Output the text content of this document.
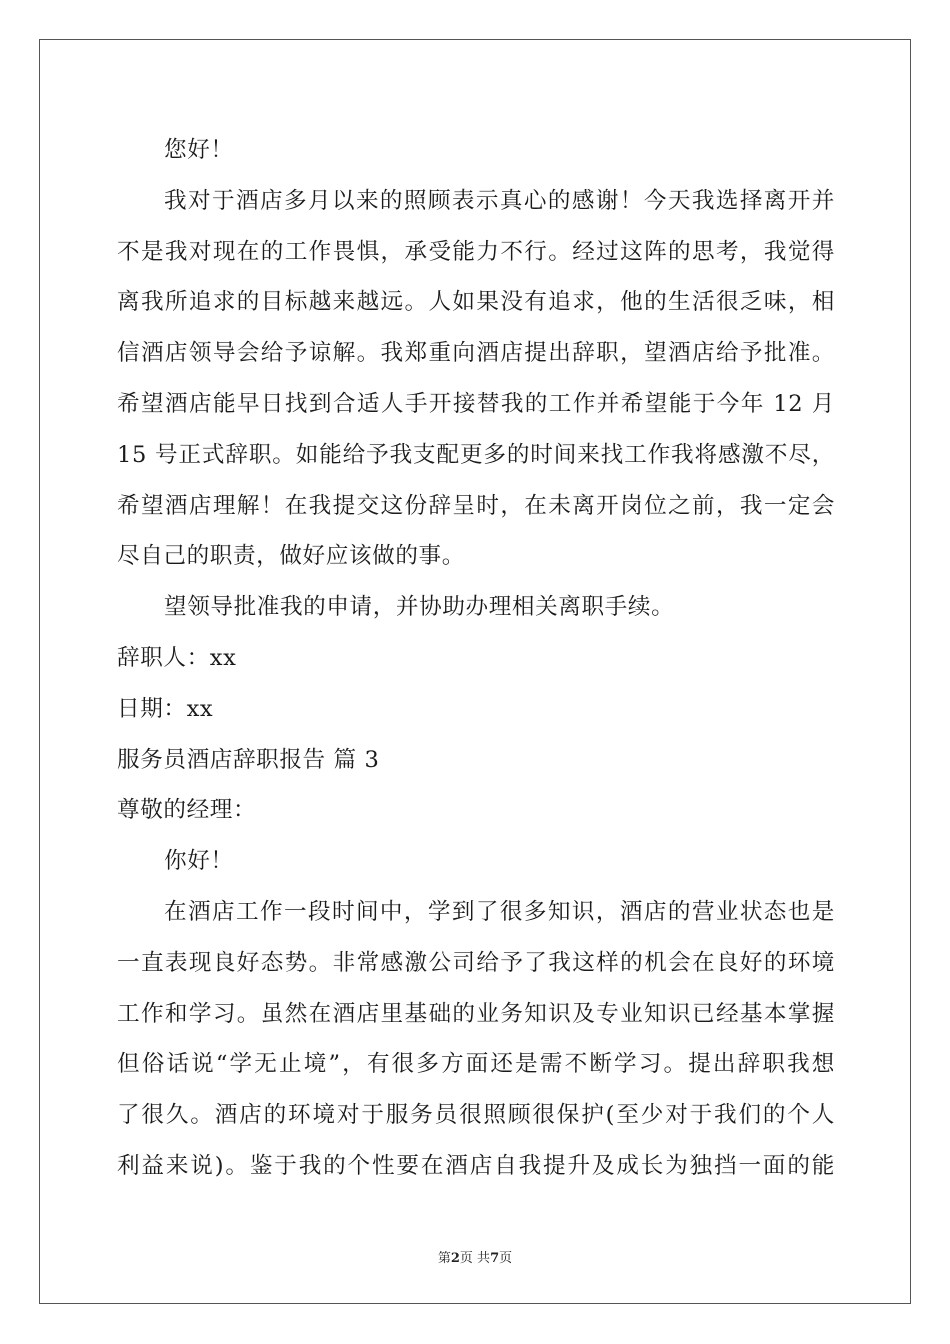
您好！
我对于酒店多月以来的照顾表示真心的感谢！今天我选择离开并
不是我对现在的工作畏惧，承受能力不行。经过这阵的思考，我觉得
离我所追求的目标越来越远。人如果没有追求，他的生活很乏味，相
信酒店领导会给予谅解。我郑重向酒店提出辞职，望酒店给予批准。
希望酒店能早日找到合适人手开接替我的工作并希望能于今年 12 月
15 号正式辞职。如能给予我支配更多的时间来找工作我将感激不尽，
希望酒店理解！在我提交这份辞呈时，在未离开岗位之前，我一定会
尽自己的职责，做好应该做的事。
望领导批准我的申请，并协助办理相关离职手续。
辞职人：xx
日期：xx
服务员酒店辞职报告 篇 3
尊敬的经理：
你好！
在酒店工作一段时间中，学到了很多知识，酒店的营业状态也是
一直表现良好态势。非常感激公司给予了我这样的机会在良好的环境
工作和学习。虽然在酒店里基础的业务知识及专业知识已经基本掌握
但俗话说“学无止境”，有很多方面还是需不断学习。提出辞职我想
了很久。酒店的环境对于服务员很照顾很保护(至少对于我们的个人
利益来说)。鉴于我的个性要在酒店自我提升及成长为独挡一面的能
第2页 共7页
